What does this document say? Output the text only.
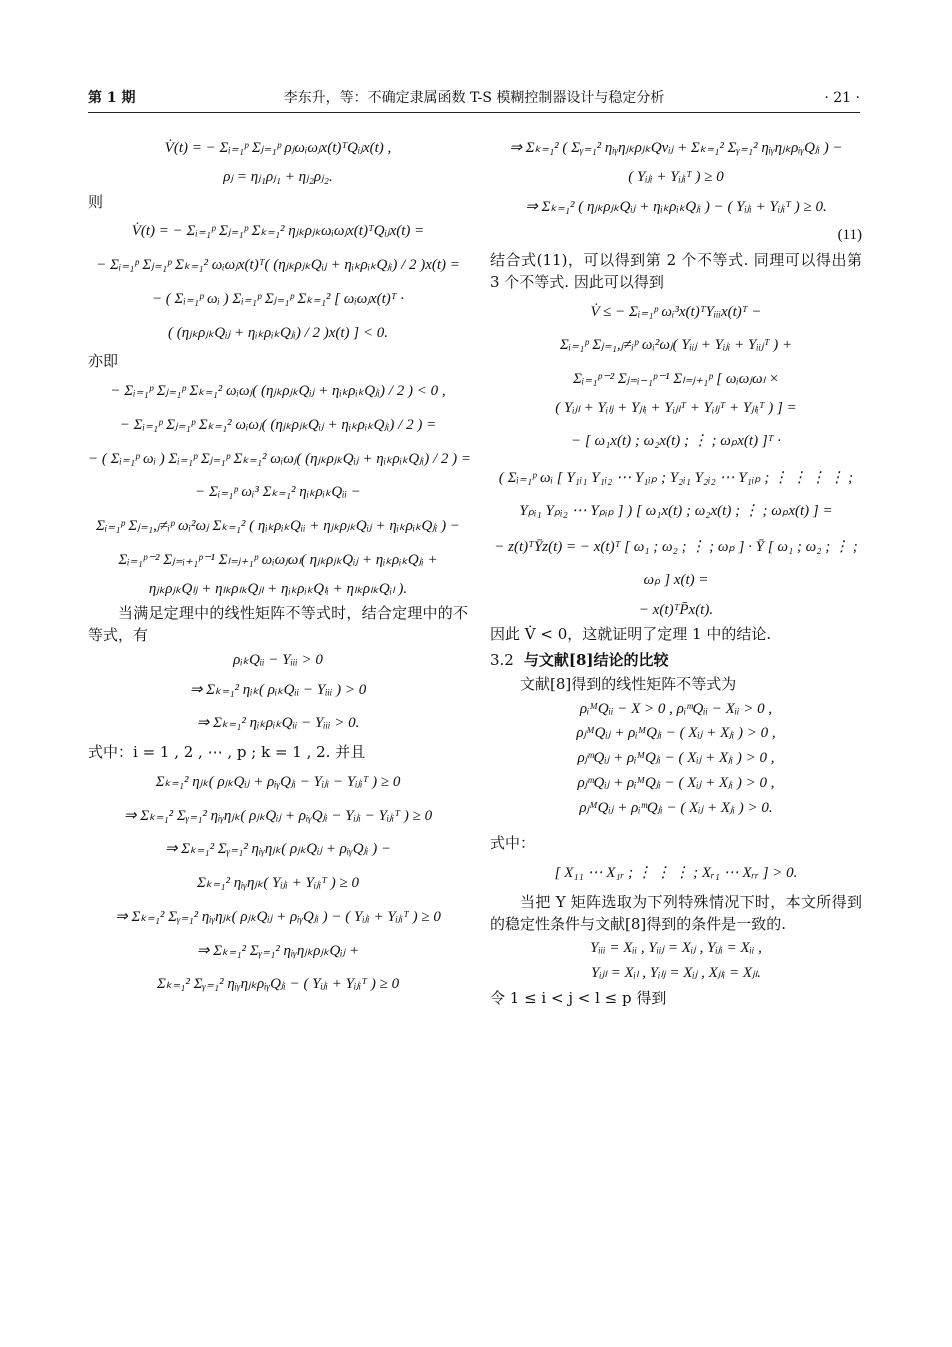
第 1 期	李东升，等：不确定隶属函数 T-S 模糊控制器设计与稳定分析	· 21 ·
V̇(t) = − Σᵢ₌₁ᵖ Σⱼ₌₁ᵖ ρⱼωᵢωⱼx(t)ᵀQᵢⱼx(t) ,
ρⱼ = ηⱼ₁ρⱼ₁ + ηⱼ₂ρⱼ₂.
则
V̇(t) = − Σᵢ₌₁ᵖ Σⱼ₌₁ᵖ Σₖ₌₁² ηⱼₖρⱼₖωᵢωⱼx(t)ᵀQᵢⱼx(t) =
− Σᵢ₌₁ᵖ Σⱼ₌₁ᵖ Σₖ₌₁² ωᵢωⱼx(t)ᵀ( (ηⱼₖρⱼₖQᵢⱼ + ηᵢₖρᵢₖQⱼᵢ) / 2 )x(t) =
− ( Σᵢ₌₁ᵖ ωᵢ ) Σᵢ₌₁ᵖ Σⱼ₌₁ᵖ Σₖ₌₁² [ ωᵢωⱼx(t)ᵀ ·
( (ηⱼₖρⱼₖQᵢⱼ + ηᵢₖρᵢₖQⱼᵢ) / 2 )x(t) ] < 0.
亦即
− Σᵢ₌₁ᵖ Σⱼ₌₁ᵖ Σₖ₌₁² ωᵢωⱼ( (ηⱼₖρⱼₖQᵢⱼ + ηᵢₖρᵢₖQⱼᵢ) / 2 ) < 0 ,
− Σᵢ₌₁ᵖ Σⱼ₌₁ᵖ Σₖ₌₁² ωᵢωⱼ( (ηⱼₖρⱼₖQᵢⱼ + ηᵢₖρᵢₖQⱼᵢ) / 2 ) =
− ( Σᵢ₌₁ᵖ ωᵢ ) Σᵢ₌₁ᵖ Σⱼ₌₁ᵖ Σₖ₌₁² ωᵢωⱼ( (ηⱼₖρⱼₖQᵢⱼ + ηᵢₖρᵢₖQⱼᵢ) / 2 ) =
− Σᵢ₌₁ᵖ ωᵢ³ Σₖ₌₁² ηᵢₖρᵢₖQᵢᵢ −
Σᵢ₌₁ᵖ Σⱼ₌₁,ⱼ≠ᵢᵖ ωᵢ²ωⱼ Σₖ₌₁² ( ηᵢₖρᵢₖQᵢᵢ + ηⱼₖρⱼₖQᵢⱼ + ηᵢₖρᵢₖQⱼᵢ ) −
Σᵢ₌₁ᵖ⁻² Σⱼ₌ᵢ₊₁ᵖ⁻¹ Σₗ₌ⱼ₊₁ᵖ ωᵢωⱼωₗ( ηⱼₖρⱼₖQᵢⱼ + ηᵢₖρᵢₖQⱼᵢ +
ηⱼₖρⱼₖQₗⱼ + ηₗₖρₗₖQⱼₗ + ηᵢₖρᵢₖQₗᵢ + ηₗₖρₗₖQᵢₗ ).
当满足定理中的线性矩阵不等式时，结合定理中的不等式，有
ρᵢₖQᵢᵢ − Yᵢᵢᵢ > 0
⇒ Σₖ₌₁² ηᵢₖ( ρᵢₖQᵢᵢ − Yᵢᵢᵢ ) > 0
⇒ Σₖ₌₁² ηᵢₖρᵢₖQᵢᵢ − Yᵢᵢᵢ > 0.
式中：i = 1 , 2 , ⋯ , p ; k = 1 , 2. 并且
Σₖ₌₁² ηⱼₖ( ρⱼₖQᵢⱼ + ρᵢᵧQⱼᵢ − Yᵢⱼᵢ − Yᵢⱼᵢᵀ ) ≥ 0
⇒ Σₖ₌₁² Σᵧ₌₁² ηᵢᵧηⱼₖ( ρⱼₖQᵢⱼ + ρᵢᵧQⱼᵢ − Yᵢⱼᵢ − Yᵢⱼᵢᵀ ) ≥ 0
⇒ Σₖ₌₁² Σᵧ₌₁² ηᵢᵧηⱼₖ( ρⱼₖQᵢⱼ + ρᵢᵧQⱼᵢ ) −
Σₖ₌₁² ηᵢᵧηⱼₖ( Yᵢⱼᵢ + Yᵢⱼᵢᵀ ) ≥ 0
⇒ Σₖ₌₁² Σᵧ₌₁² ηᵢᵧηⱼₖ( ρⱼₖQᵢⱼ + ρᵢᵧQⱼᵢ ) − ( Yᵢⱼᵢ + Yᵢⱼᵢᵀ ) ≥ 0
⇒ Σₖ₌₁² Σᵧ₌₁² ηᵢᵧηⱼₖρⱼₖQᵢⱼ +
Σₖ₌₁² Σᵧ₌₁² ηᵢᵧηⱼₖρᵢᵧQⱼᵢ − ( Yᵢⱼᵢ + Yᵢⱼᵢᵀ ) ≥ 0
⇒ Σₖ₌₁² ( Σᵧ₌₁² ηᵢᵧηⱼₖρⱼₖQvᵢⱼ + Σₖ₌₁² Σᵧ₌₁² ηᵢᵧηⱼₖρᵢᵧQⱼᵢ ) −
( Yᵢⱼᵢ + Yᵢⱼᵢᵀ ) ≥ 0
⇒ Σₖ₌₁² ( ηⱼₖρⱼₖQᵢⱼ + ηᵢₖρᵢₖQⱼᵢ ) − ( Yᵢⱼᵢ + Yᵢⱼᵢᵀ ) ≥ 0.

(11)
结合式(11)，可以得到第 2 个不等式. 同理可以得出第 3 个不等式. 因此可以得到
V̇ ≤ − Σᵢ₌₁ᵖ ωᵢ³x(t)ᵀYᵢᵢᵢx(t)ᵀ −
Σᵢ₌₁ᵖ Σⱼ₌₁,ⱼ≠ᵢᵖ ωᵢ²ωⱼ( Yᵢᵢⱼ + Yᵢⱼᵢ + Yᵢᵢⱼᵀ ) +
Σᵢ₌₁ᵖ⁻² Σⱼ₌ᵢ₋₁ᵖ⁻¹ Σₗ₌ⱼ₊₁ᵖ [ ωᵢωⱼωₗ ×
( Yᵢⱼₗ + Yᵢₗⱼ + Yⱼₗᵢ + Yᵢⱼₗᵀ + Yᵢₗⱼᵀ + Yⱼₗᵢᵀ ) ] =
− [ ω₁x(t) ; ω₂x(t) ; ⋮ ; ωₚx(t) ]ᵀ ·
( Σᵢ₌₁ᵖ ωᵢ [ Y₁ᵢ₁ Y₁ᵢ₂ ⋯ Y₁ᵢₚ ; Y₂ᵢ₁ Y₂ᵢ₂ ⋯ Y₁ᵢₚ ; ⋮ ⋮ ⋮ ⋮ ; Yₚᵢ₁ Yₚᵢ₂ ⋯ Yₚᵢₚ ] ) [ ω₁x(t) ; ω₂x(t) ; ⋮ ; ωₚx(t) ] =
− z(t)ᵀȲz(t) = − x(t)ᵀ [ ω₁ ; ω₂ ; ⋮ ; ωₚ ] · Ȳ [ ω₁ ; ω₂ ; ⋮ ; ωₚ ] x(t) =
− x(t)ᵀP̄x(t).
因此 V̇ < 0，这就证明了定理 1 中的结论.
3.2 与文献[8]结论的比较
文献[8]得到的线性矩阵不等式为
ρᵢᴹQᵢᵢ − X > 0 , ρᵢᵐQᵢᵢ − Xᵢᵢ > 0 ,
ρⱼᴹQᵢⱼ + ρᵢᴹQⱼᵢ − ( Xᵢⱼ + Xⱼᵢ ) > 0 ,
ρⱼᵐQᵢⱼ + ρᵢᴹQⱼᵢ − ( Xᵢⱼ + Xⱼᵢ ) > 0 ,
ρⱼᵐQᵢⱼ + ρᵢᴹQⱼᵢ − ( Xᵢⱼ + Xⱼᵢ ) > 0 ,
ρⱼᴹQᵢⱼ + ρᵢᵐQⱼᵢ − ( Xᵢⱼ + Xⱼᵢ ) > 0.
式中：
[ X₁₁ ⋯ X₁ᵣ ; ⋮ ⋮ ⋮ ; Xᵣ₁ ⋯ Xᵣᵣ ] > 0.
当把 Y 矩阵选取为下列特殊情况下时，本文所得到的稳定性条件与文献[8]得到的条件是一致的.
Yᵢᵢᵢ = Xᵢᵢ , Yᵢᵢⱼ = Xᵢⱼ , Yᵢⱼᵢ = Xᵢᵢ ,
Yᵢⱼₗ = Xᵢₗ , Yᵢₗⱼ = Xᵢⱼ , Xⱼₗᵢ = Xⱼₗ.
令 1 ≤ i < j < l ≤ p 得到
